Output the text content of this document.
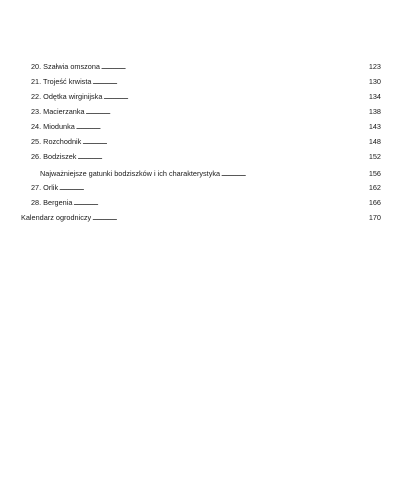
20. Szałwia omszona . . .	123
21. Trojeść krwista . . .	130
22. Odętka wirginijska . . .	134
23. Macierzanka . . .	138
24. Miodunka . . .	143
25. Rozchodnik . . .	148
26. Bodziszek . . .	152
Najważniejsze gatunki bodziszków i ich charakterystyka . . .	156
27. Orlik . . .	162
28. Bergenia . . .	166
Kalendarz ogrodniczy . . .	170
